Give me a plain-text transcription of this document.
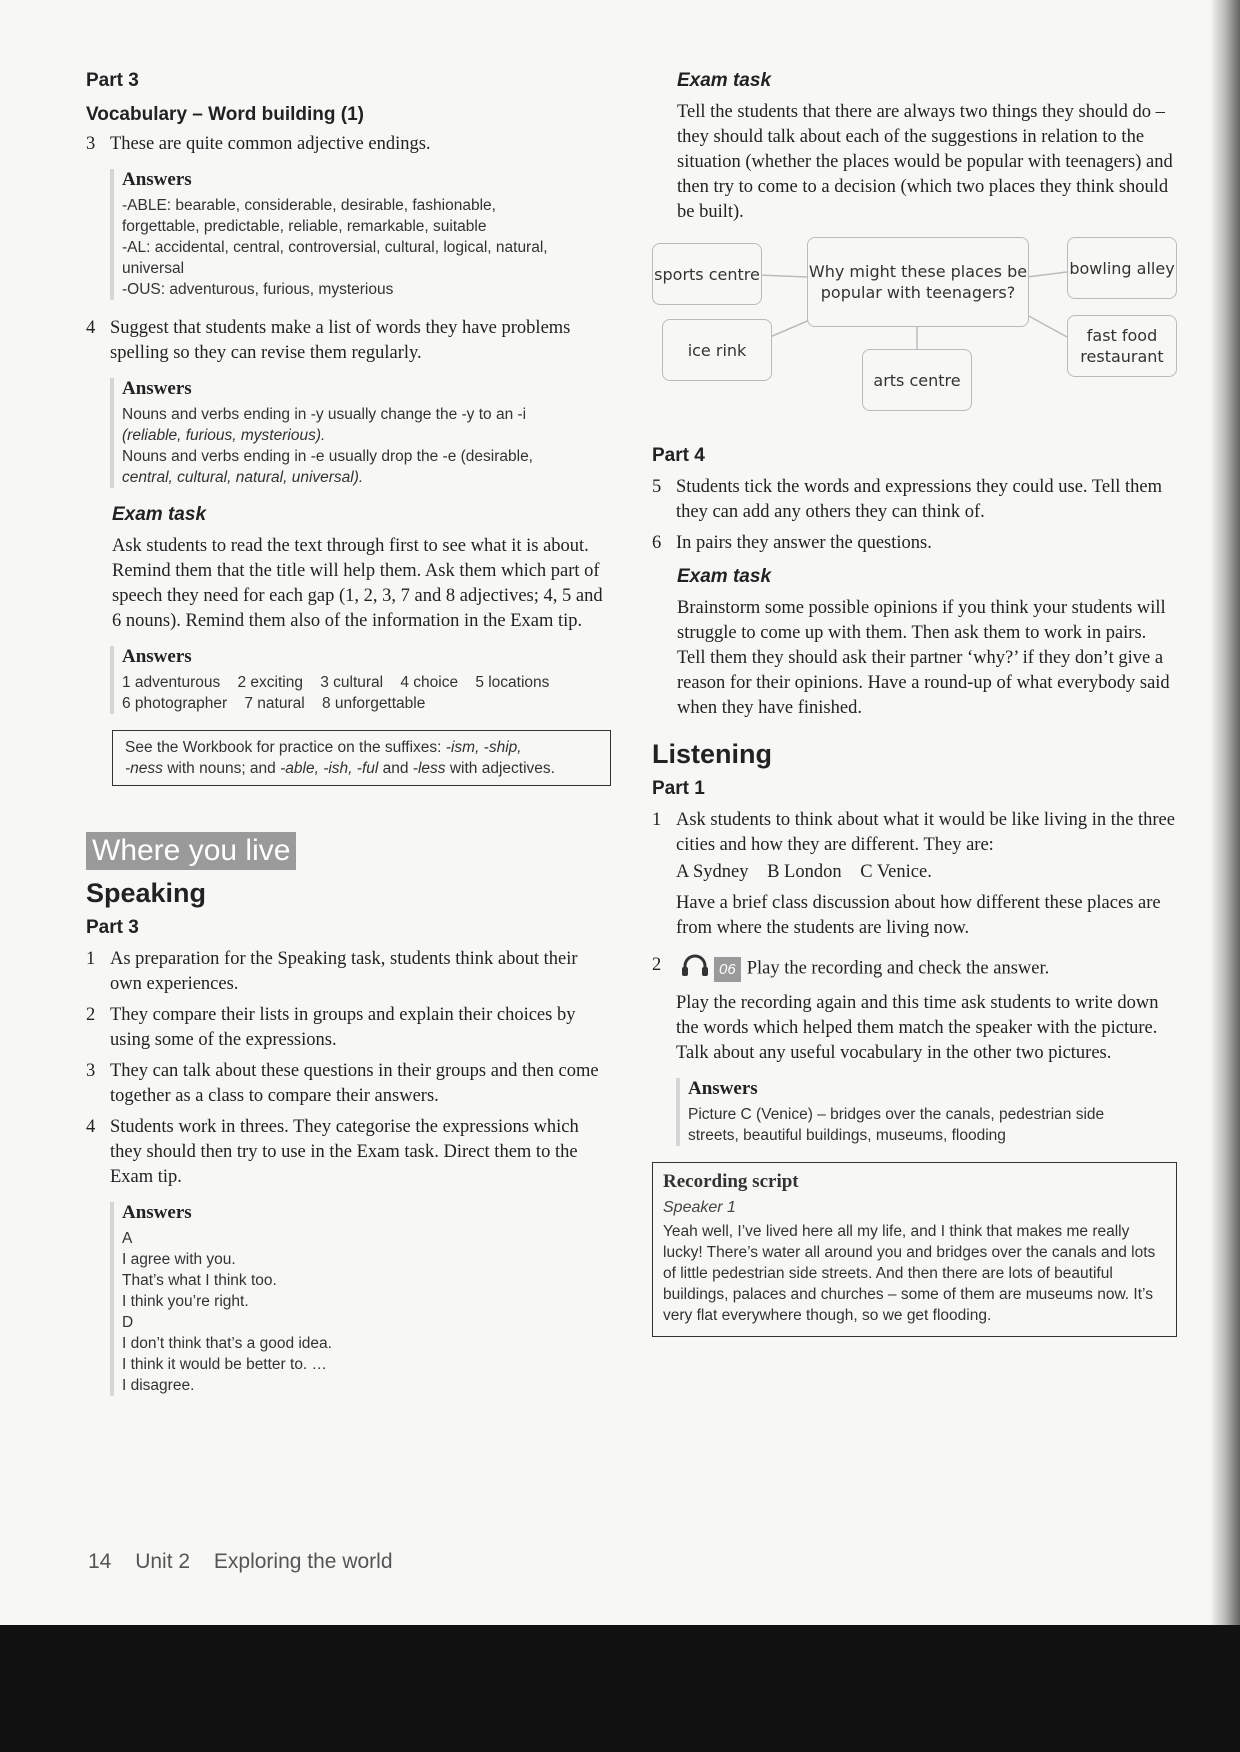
Part 3
Vocabulary – Word building (1)
3 These are quite common adjective endings.
Answers
-ABLE: bearable, considerable, desirable, fashionable,
forgettable, predictable, reliable, remarkable, suitable
-AL: accidental, central, controversial, cultural, logical, natural,
universal
-OUS: adventurous, furious, mysterious
4 Suggest that students make a list of words they have problems spelling so they can revise them regularly.
Answers
Nouns and verbs ending in -y usually change the -y to an -i
(reliable, furious, mysterious).
Nouns and verbs ending in -e usually drop the -e (desirable,
central, cultural, natural, universal).
Exam task
Ask students to read the text through first to see what it is about. Remind them that the title will help them. Ask them which part of speech they need for each gap (1, 2, 3, 7 and 8 adjectives; 4, 5 and 6 nouns). Remind them also of the information in the Exam tip.
Answers
1 adventurous 2 exciting 3 cultural 4 choice 5 locations
6 photographer 7 natural 8 unforgettable
See the Workbook for practice on the suffixes: -ism, -ship,
-ness with nouns; and -able, -ish, -ful and -less with adjectives.
Where you live
Speaking
Part 3
1 As preparation for the Speaking task, students think about their own experiences.
2 They compare their lists in groups and explain their choices by using some of the expressions.
3 They can talk about these questions in their groups and then come together as a class to compare their answers.
4 Students work in threes. They categorise the expressions which they should then try to use in the Exam task. Direct them to the Exam tip.
Answers
A
I agree with you.
That’s what I think too.
I think you’re right.
D
I don’t think that’s a good idea.
I think it would be better to. …
I disagree.
Exam task
Tell the students that there are always two things they should do – they should talk about each of the suggestions in relation to the situation (whether the places would be popular with teenagers) and then try to come to a decision (which two places they think should be built).
Why might these places be popular with teenagers?
sports centre	bowling alley
ice rink
fast food restaurant
arts centre
Part 4
5 Students tick the words and expressions they could use. Tell them they can add any others they can think of.
6 In pairs they answer the questions.
Exam task
Brainstorm some possible opinions if you think your students will struggle to come up with them. Then ask them to work in pairs. Tell them they should ask their partner ‘why?’ if they don’t give a reason for their opinions. Have a round-up of what everybody said when they have finished.
Listening
Part 1
1 Ask students to think about what it would be like living in the three cities and how they are different. They are:
A Sydney B London C Venice.
Have a brief class discussion about how different these places are from where the students are living now.
2	06 Play the recording and check the answer.
Play the recording again and this time ask students to write down the words which helped them match the speaker with the picture. Talk about any useful vocabulary in the other two pictures.
Answers
Picture C (Venice) – bridges over the canals, pedestrian side
streets, beautiful buildings, museums, flooding
Recording script
Speaker 1
Yeah well, I’ve lived here all my life, and I think that makes me really lucky! There’s water all around you and bridges over the canals and lots of little pedestrian side streets. And then there are lots of beautiful buildings, palaces and churches – some of them are museums now. It’s very flat everywhere though, so we get flooding.
14 Unit 2 Exploring the world
